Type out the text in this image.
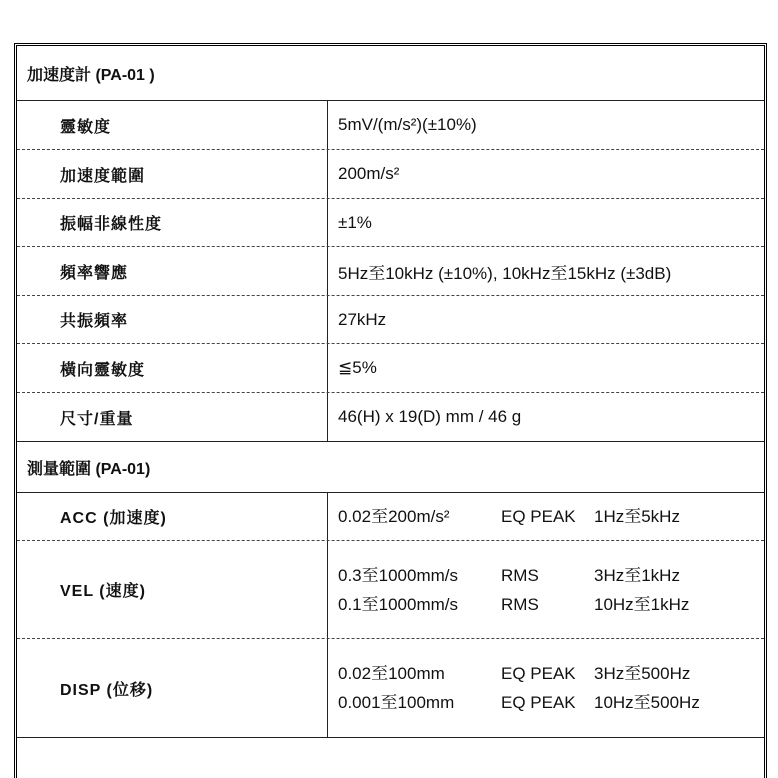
加速度計 (PA-01 )
靈敏度	5mV/(m/s²)(±10%)
加速度範圍	200m/s²
振幅非線性度	±1%
頻率響應	5Hz至10kHz (±10%), 10kHz至15kHz (±3dB)
共振頻率	27kHz
橫向靈敏度	≦5%
尺寸/重量	46(H) x 19(D) mm / 46 g
測量範圍 (PA-01)
ACC (加速度)	0.02至200m/s²	EQ PEAK	1Hz至5kHz
VEL (速度)
0.3至1000mm/s	RMS	3Hz至1kHz
0.1至1000mm/s	RMS	10Hz至1kHz
DISP (位移)
0.02至100mm	EQ PEAK	3Hz至500Hz
0.001至100mm	EQ PEAK	10Hz至500Hz
